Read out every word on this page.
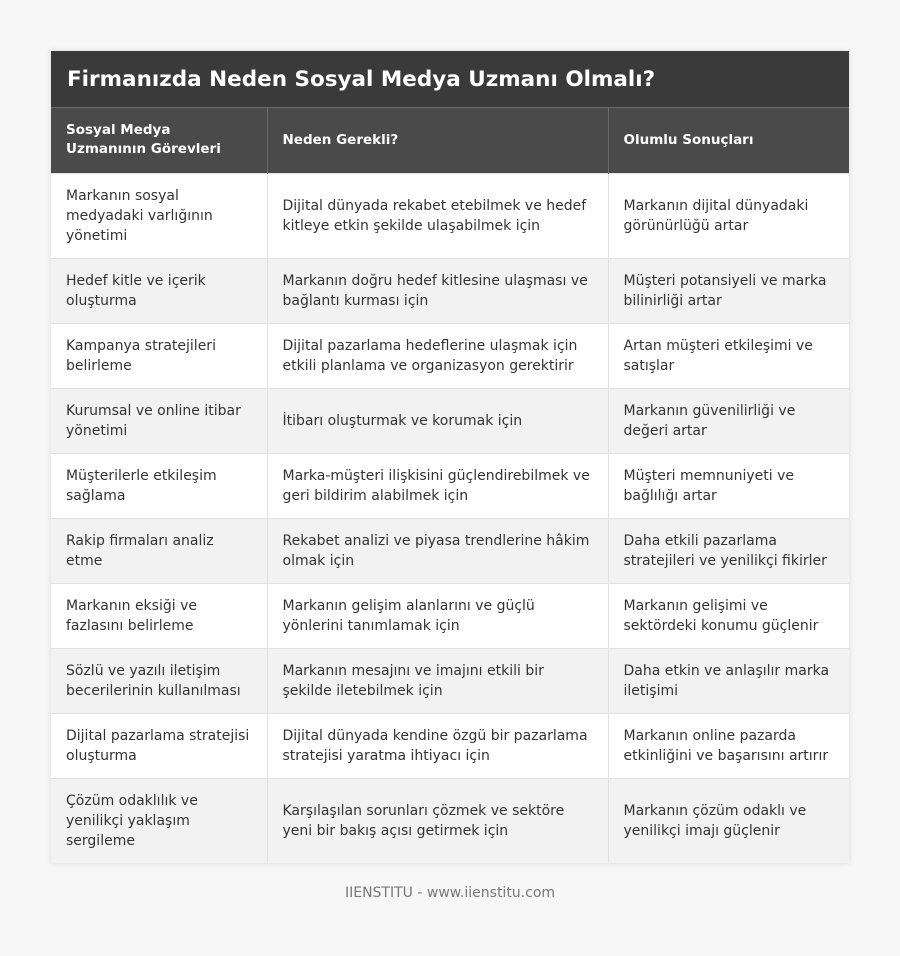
Firmanızda Neden Sosyal Medya Uzmanı Olmalı?
Sosyal Medya Uzmanının Görevleri	Neden Gerekli?	Olumlu Sonuçları
Markanın sosyal medyadaki varlığının yönetimi	Dijital dünyada rekabet etebilmek ve hedef kitleye etkin şekilde ulaşabilmek için	Markanın dijital dünyadaki görünürlüğü artar
Hedef kitle ve içerik oluşturma	Markanın doğru hedef kitlesine ulaşması ve bağlantı kurması için	Müşteri potansiyeli ve marka bilinirliği artar
Kampanya stratejileri belirleme	Dijital pazarlama hedeflerine ulaşmak için etkili planlama ve organizasyon gerektirir	Artan müşteri etkileşimi ve satışlar
Kurumsal ve online itibar yönetimi	İtibarı oluşturmak ve korumak için	Markanın güvenilirliği ve değeri artar
Müşterilerle etkileşim sağlama	Marka-müşteri ilişkisini güçlendirebilmek ve geri bildirim alabilmek için	Müşteri memnuniyeti ve bağlılığı artar
Rakip firmaları analiz etme	Rekabet analizi ve piyasa trendlerine hâkim olmak için	Daha etkili pazarlama stratejileri ve yenilikçi fikirler
Markanın eksiği ve fazlasını belirleme	Markanın gelişim alanlarını ve güçlü yönlerini tanımlamak için	Markanın gelişimi ve sektördeki konumu güçlenir
Sözlü ve yazılı iletişim becerilerinin kullanılması	Markanın mesajını ve imajını etkili bir şekilde iletebilmek için	Daha etkin ve anlaşılır marka iletişimi
Dijital pazarlama stratejisi oluşturma	Dijital dünyada kendine özgü bir pazarlama stratejisi yaratma ihtiyacı için	Markanın online pazarda etkinliğini ve başarısını artırır
Çözüm odaklılık ve yenilikçi yaklaşım sergileme	Karşılaşılan sorunları çözmek ve sektöre yeni bir bakış açısı getirmek için	Markanın çözüm odaklı ve yenilikçi imajı güçlenir
IIENSTITU - www.iienstitu.com
